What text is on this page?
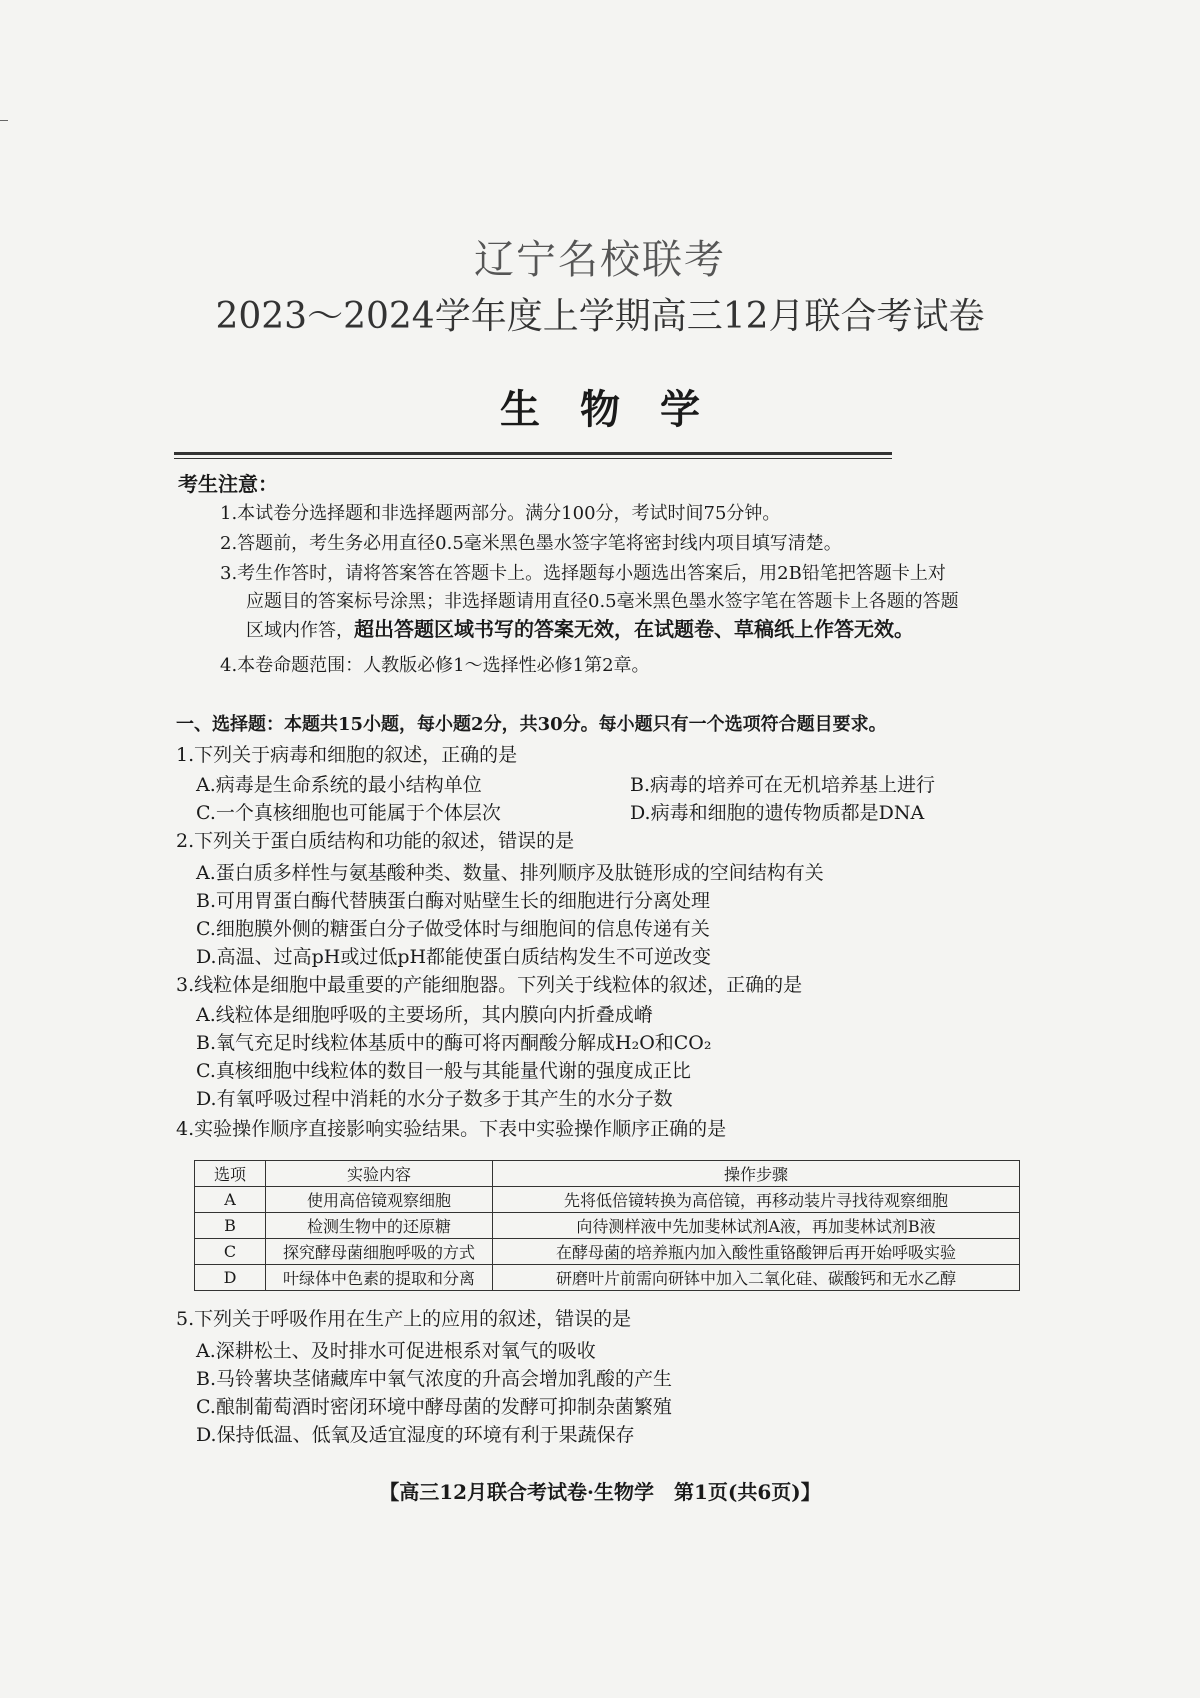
辽宁名校联考
2023～2024学年度上学期高三12月联合考试卷
生物学
考生注意：
1.本试卷分选择题和非选择题两部分。满分100分，考试时间75分钟。
2.答题前，考生务必用直径0.5毫米黑色墨水签字笔将密封线内项目填写清楚。
3.考生作答时，请将答案答在答题卡上。选择题每小题选出答案后，用2B铅笔把答题卡上对
应题目的答案标号涂黑；非选择题请用直径0.5毫米黑色墨水签字笔在答题卡上各题的答题
区域内作答，超出答题区域书写的答案无效，在试题卷、草稿纸上作答无效。
4.本卷命题范围：人教版必修1～选择性必修1第2章。
一、选择题：本题共15小题，每小题2分，共30分。每小题只有一个选项符合题目要求。
1.下列关于病毒和细胞的叙述，正确的是
A.病毒是生命系统的最小结构单位	B.病毒的培养可在无机培养基上进行
C.一个真核细胞也可能属于个体层次	D.病毒和细胞的遗传物质都是DNA
2.下列关于蛋白质结构和功能的叙述，错误的是
A.蛋白质多样性与氨基酸种类、数量、排列顺序及肽链形成的空间结构有关
B.可用胃蛋白酶代替胰蛋白酶对贴壁生长的细胞进行分离处理
C.细胞膜外侧的糖蛋白分子做受体时与细胞间的信息传递有关
D.高温、过高pH或过低pH都能使蛋白质结构发生不可逆改变
3.线粒体是细胞中最重要的产能细胞器。下列关于线粒体的叙述，正确的是
A.线粒体是细胞呼吸的主要场所，其内膜向内折叠成嵴
B.氧气充足时线粒体基质中的酶可将丙酮酸分解成H₂O和CO₂
C.真核细胞中线粒体的数目一般与其能量代谢的强度成正比
D.有氧呼吸过程中消耗的水分子数多于其产生的水分子数
4.实验操作顺序直接影响实验结果。下表中实验操作顺序正确的是
选项	实验内容	操作步骤
A	使用高倍镜观察细胞	先将低倍镜转换为高倍镜，再移动装片寻找待观察细胞
B	检测生物中的还原糖	向待测样液中先加斐林试剂A液，再加斐林试剂B液
C	探究酵母菌细胞呼吸的方式	在酵母菌的培养瓶内加入酸性重铬酸钾后再开始呼吸实验
D	叶绿体中色素的提取和分离	研磨叶片前需向研钵中加入二氧化硅、碳酸钙和无水乙醇
5.下列关于呼吸作用在生产上的应用的叙述，错误的是
A.深耕松土、及时排水可促进根系对氧气的吸收
B.马铃薯块茎储藏库中氧气浓度的升高会增加乳酸的产生
C.酿制葡萄酒时密闭环境中酵母菌的发酵可抑制杂菌繁殖
D.保持低温、低氧及适宜湿度的环境有利于果蔬保存
【高三12月联合考试卷·生物学　第1页(共6页)】
